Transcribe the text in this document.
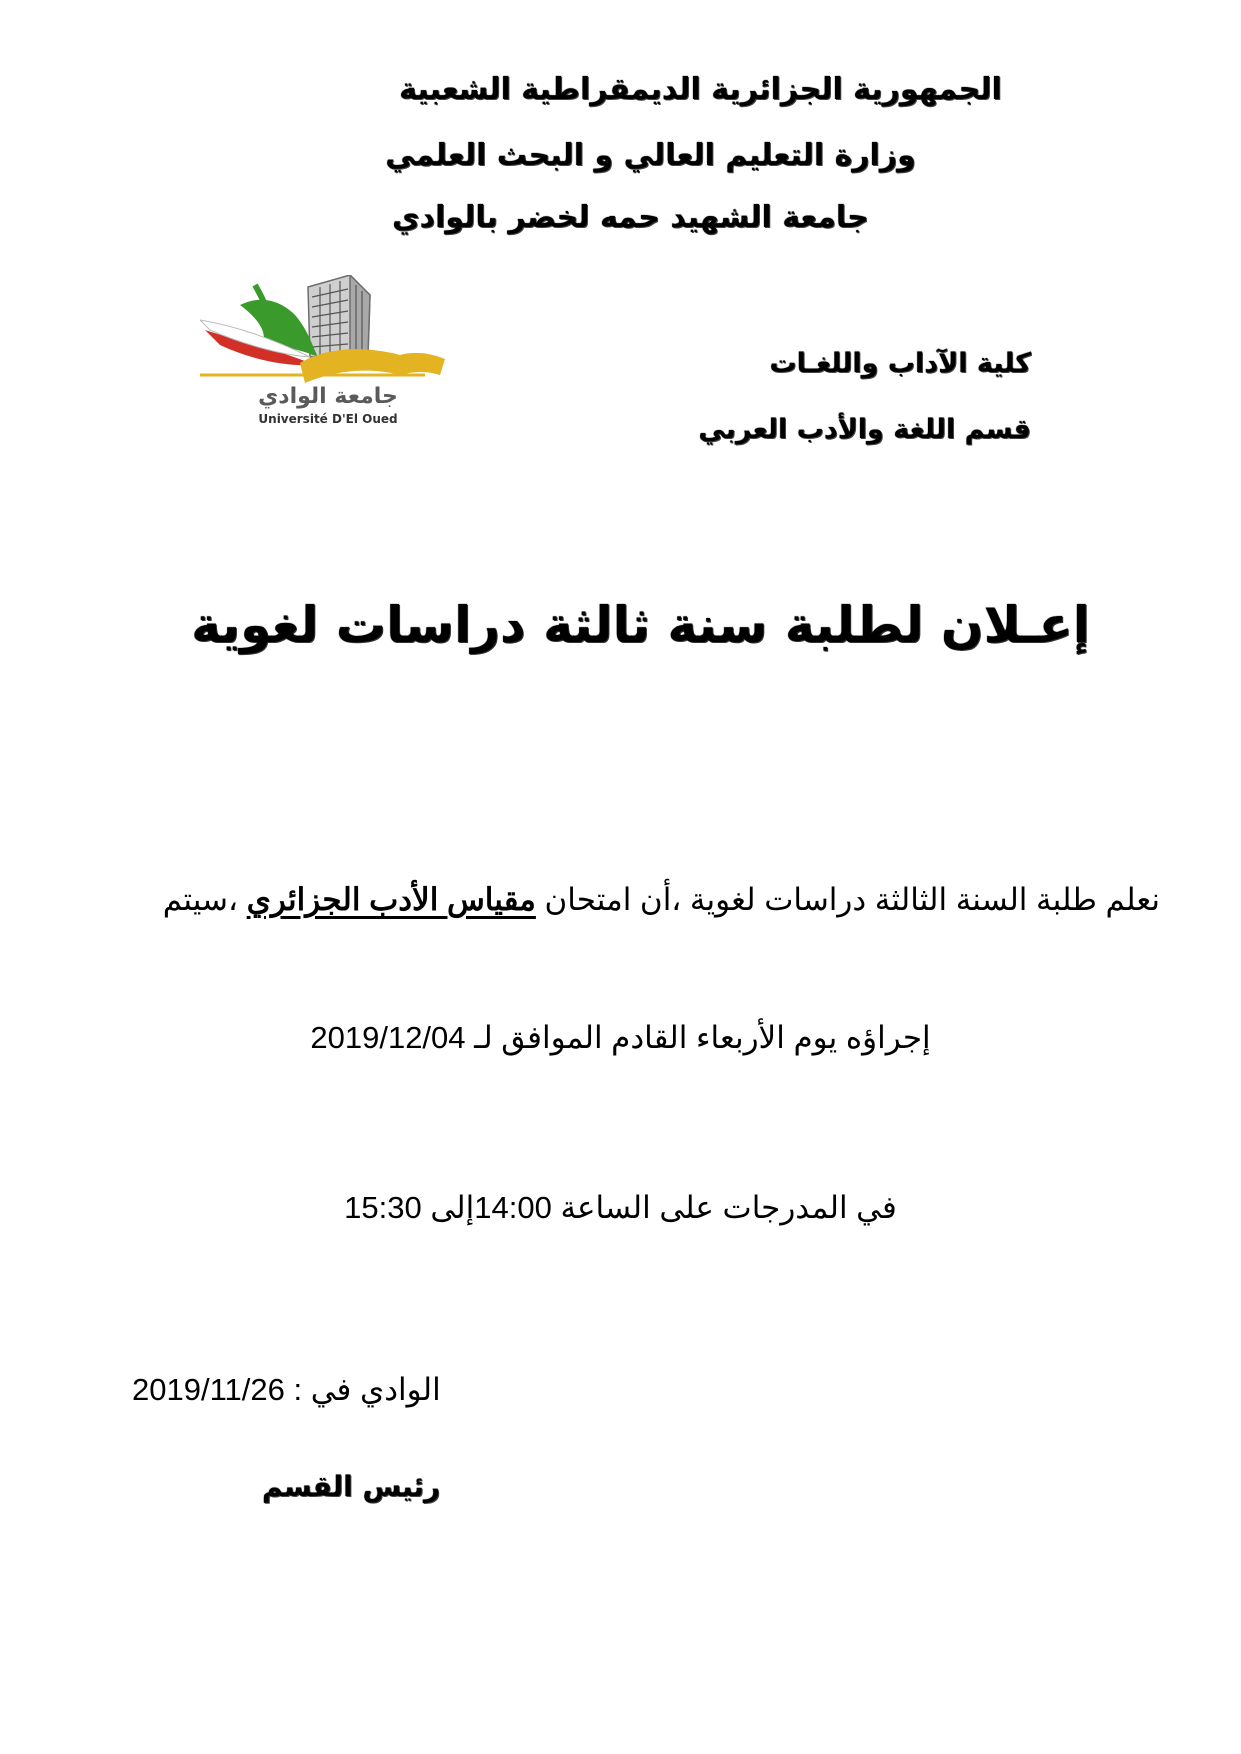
الجمهورية الجزائرية الديمقراطية الشعبية
وزارة التعليم العالي و البحث العلمي
جامعة الشهيد حمه لخضر بالوادي
جامعة الوادي
Université D'El Oued
كلية الآداب واللغـات
قسم اللغة والأدب العربي
إعـلان لطلبة سنة ثالثة دراسات لغوية
نعلم طلبة السنة الثالثة دراسات لغوية ،أن امتحان مقياس الأدب الجزائري ،سيتم
إجراؤه يوم الأربعاء القادم الموافق لـ 2019/12/04
في المدرجات على الساعة 14:00إلى 15:30
الوادي في : 2019/11/26
رئيس القسم
